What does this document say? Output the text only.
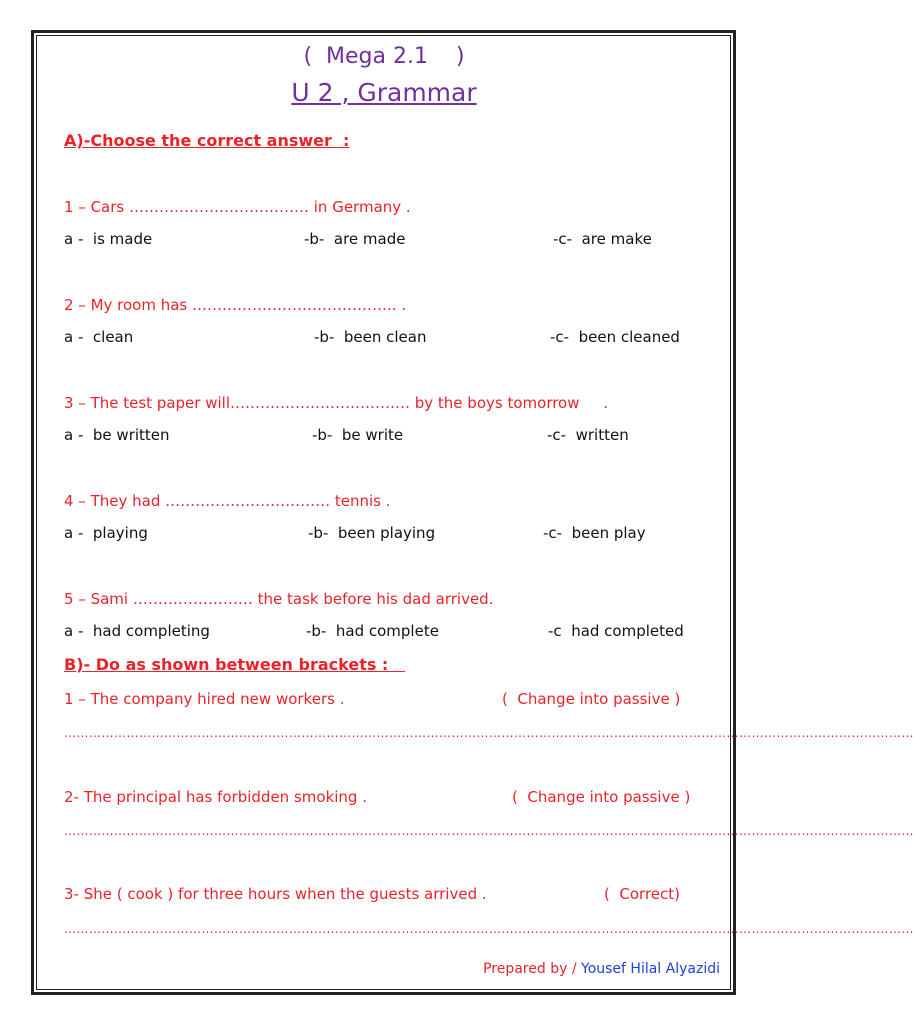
(  Mega 2.1    )
U 2 , Grammar
A)-Choose the correct answer  :
1 – Cars ……………………………… in Germany .
a -  is made	-b-  are made	-c-  are make
2 – My room has ………………………………….. .
a -  clean	-b-  been clean	-c-  been cleaned
3 – The test paper will……………………………… by the boys tomorrow     .
a -  be written	-b-  be write	-c-  written
4 – They had …………………………… tennis .
a -  playing	-b-  been playing	-c-  been play
5 – Sami …………………… the task before his dad arrived.
a -  had completing	-b-  had complete	-c  had completed
B)- Do as shown between brackets :
1 – The company hired new workers .	(  Change into passive )
……………………………………………………………………………………………………………………………………………………………………………………
2- The principal has forbidden smoking .	(  Change into passive )
……………………………………………………………………………………………………………………………………………………………………………………
3- She ( cook ) for three hours when the guests arrived .	(  Correct)
……………………………………………………………………………………………………………………………………………………………………………………
Prepared by / Yousef Hilal Alyazidi
